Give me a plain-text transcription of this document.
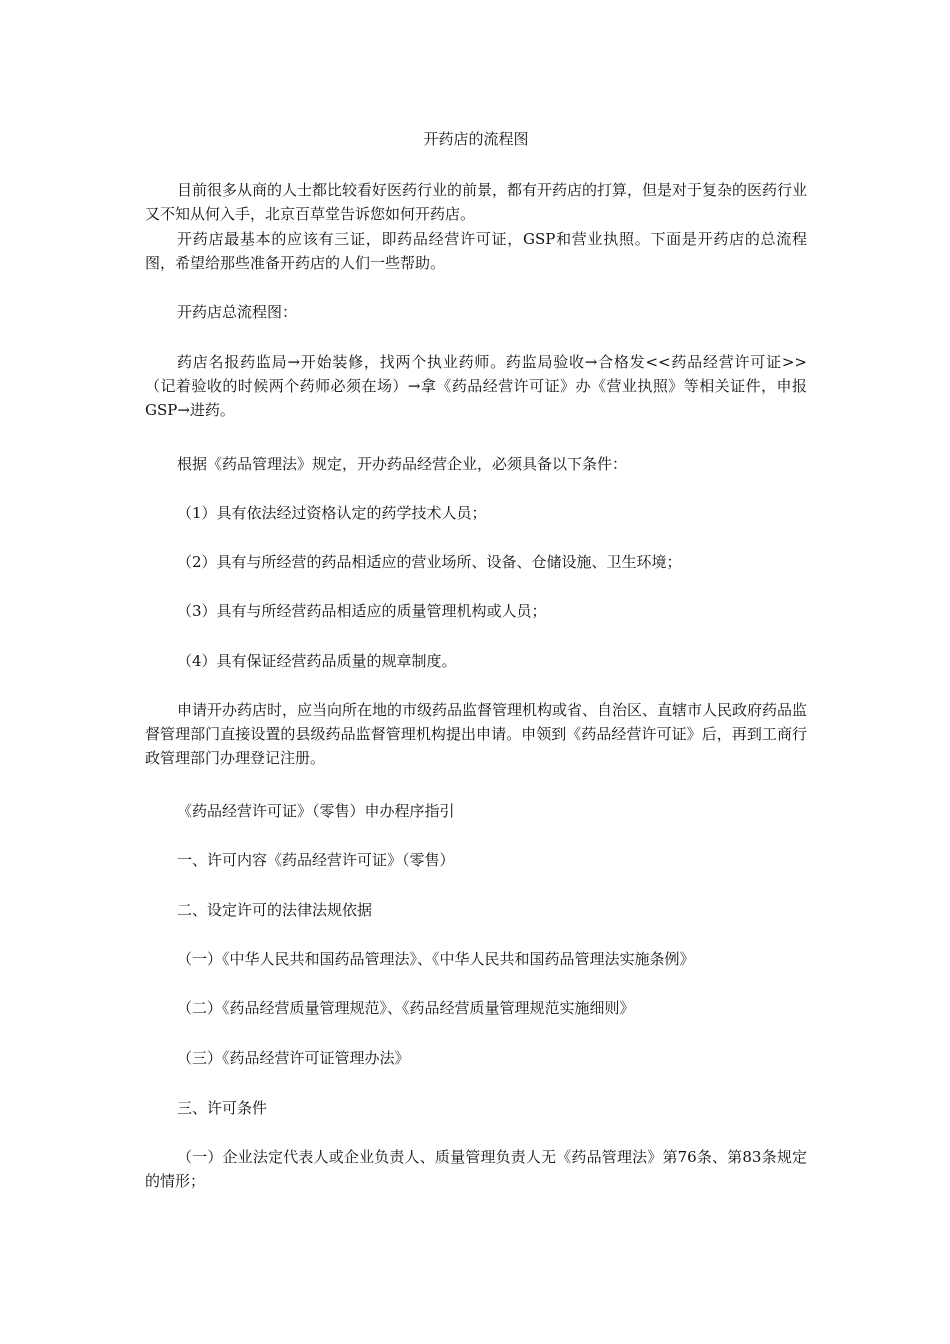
开药店的流程图

目前很多从商的人士都比较看好医药行业的前景，都有开药店的打算，但是对于复杂的医药行业又不知从何入手，北京百草堂告诉您如何开药店。

开药店最基本的应该有三证，即药品经营许可证，GSP和营业执照。下面是开药店的总流程图，希望给那些准备开药店的人们一些帮助。

开药店总流程图：

药店名报药监局→开始装修，找两个执业药师。药监局验收→合格发<<药品经营许可证>>（记着验收的时候两个药师必须在场）→拿《药品经营许可证》办《营业执照》等相关证件，申报GSP→进药。

根据《药品管理法》规定，开办药品经营企业，必须具备以下条件：

（1）具有依法经过资格认定的药学技术人员；

（2）具有与所经营的药品相适应的营业场所、设备、仓储设施、卫生环境；

（3）具有与所经营药品相适应的质量管理机构或人员；

（4）具有保证经营药品质量的规章制度。

申请开办药店时，应当向所在地的市级药品监督管理机构或省、自治区、直辖市人民政府药品监督管理部门直接设置的县级药品监督管理机构提出申请。申领到《药品经营许可证》后，再到工商行政管理部门办理登记注册。

《药品经营许可证》（零售）申办程序指引

一、许可内容《药品经营许可证》（零售）

二、设定许可的法律法规依据

（一）《中华人民共和国药品管理法》、《中华人民共和国药品管理法实施条例》

（二）《药品经营质量管理规范》、《药品经营质量管理规范实施细则》

（三）《药品经营许可证管理办法》

三、许可条件

（一）企业法定代表人或企业负责人、质量管理负责人无《药品管理法》第76条、第83条规定的情形；
